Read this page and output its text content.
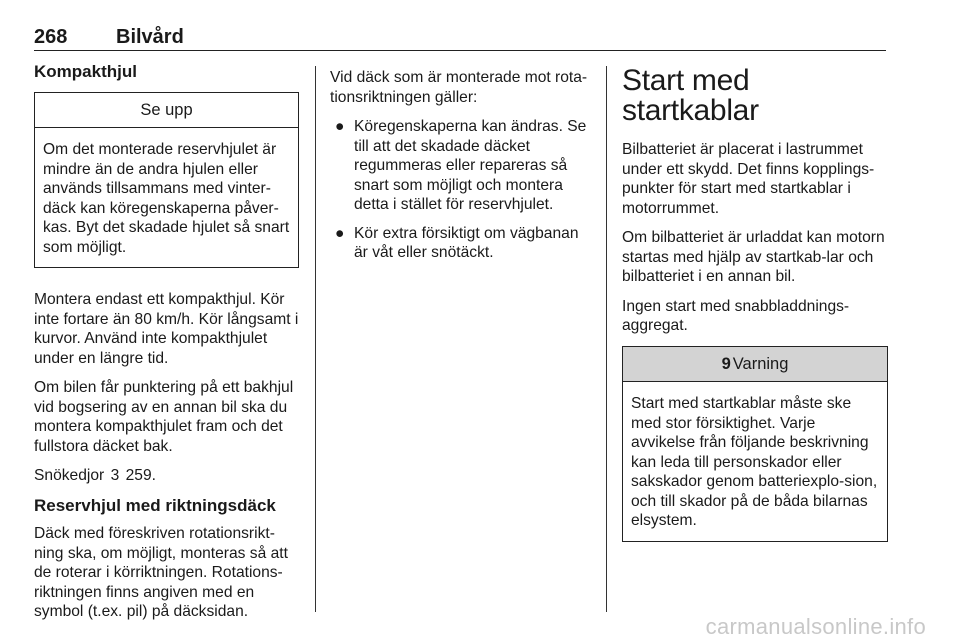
268 Bilvård
Kompakthjul
Se upp
Om det monterade reservhjulet är mindre än de andra hjulen eller används tillsammans med vinter-däck kan köregenskaperna påver-kas. Byt det skadade hjulet så snart som möjligt.

Montera endast ett kompakthjul. Kör inte fortare än 80 km/h. Kör långsamt i kurvor. Använd inte kompakthjulet under en längre tid.

Om bilen får punktering på ett bakhjul vid bogsering av en annan bil ska du montera kompakthjulet fram och det fullstora däcket bak.

Snökedjor 3 259.

Reservhjul med riktningsdäck

Däck med föreskriven rotationsrikt-ning ska, om möjligt, monteras så att de roterar i körriktningen. Rotations-riktningen finns angiven med en symbol (t.ex. pil) på däcksidan.

Vid däck som är monterade mot rota-tionsriktningen gäller:

● Köregenskaperna kan ändras. Se till att det skadade däcket regummeras eller repareras så snart som möjligt och montera detta i stället för reservhjulet.
● Kör extra försiktigt om vägbanan är våt eller snötäckt.
Start med startkablar

Bilbatteriet är placerat i lastrummet under ett skydd. Det finns kopplings-punkter för start med startkablar i motorrummet.

Om bilbatteriet är urladdat kan motorn startas med hjälp av startkab-lar och bilbatteriet i en annan bil.

Ingen start med snabbladdnings-aggregat.

9 Varning
Start med startkablar måste ske med stor försiktighet. Varje avvikelse från följande beskrivning kan leda till personskador eller sakskador genom batteriexplo-sion, och till skador på de båda bilarnas elsystem.
carmanualsonline.info
